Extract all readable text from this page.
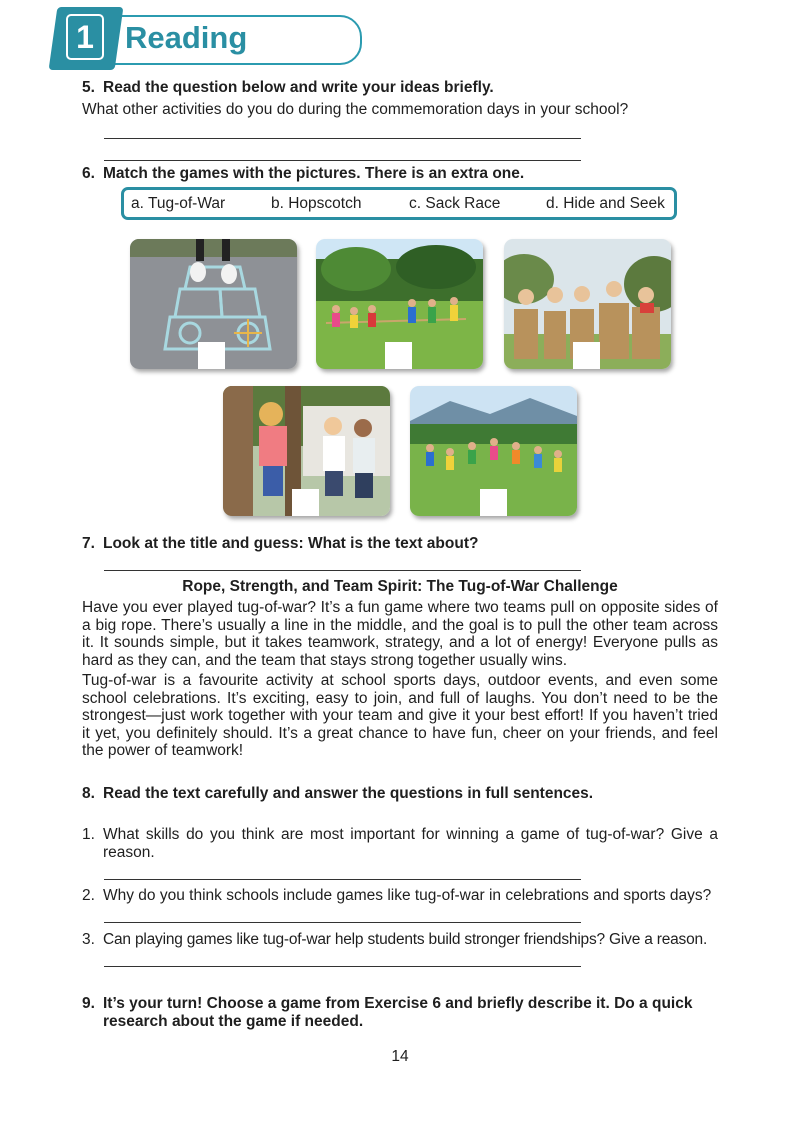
1	Reading
5. Read the question below and write your ideas briefly.
What other activities do you do during the commemoration days in your school?
6. Match the games with the pictures. There is an extra one.
a. Tug-of-War	b. Hopscotch	c. Sack Race	d. Hide and Seek
7. Look at the title and guess: What is the text about?
Rope, Strength, and Team Spirit: The Tug-of-War Challenge
Have you ever played tug-of-war? It’s a fun game where two teams pull on opposite sides of a big rope. There’s usually a line in the middle, and the goal is to pull the other team across it. It sounds simple, but it takes teamwork, strategy, and a lot of energy! Everyone pulls as hard as they can, and the team that stays strong together usually wins.
Tug-of-war is a favourite activity at school sports days, outdoor events, and even some school celebrations. It’s exciting, easy to join, and full of laughs. You don’t need to be the strongest—just work together with your team and give it your best effort! If you haven’t tried it yet, you definitely should. It’s a great chance to have fun, cheer on your friends, and feel the power of teamwork!
8. Read the text carefully and answer the questions in full sentences.
1. What skills do you think are most important for winning a game of tug-of-war? Give a reason.
2. Why do you think schools include games like tug-of-war in celebrations and sports days?
3. Can playing games like tug-of-war help students build stronger friendships? Give a reason.
9. It’s your turn! Choose a game from Exercise 6 and briefly describe it. Do a quick research about the game if needed.
14
